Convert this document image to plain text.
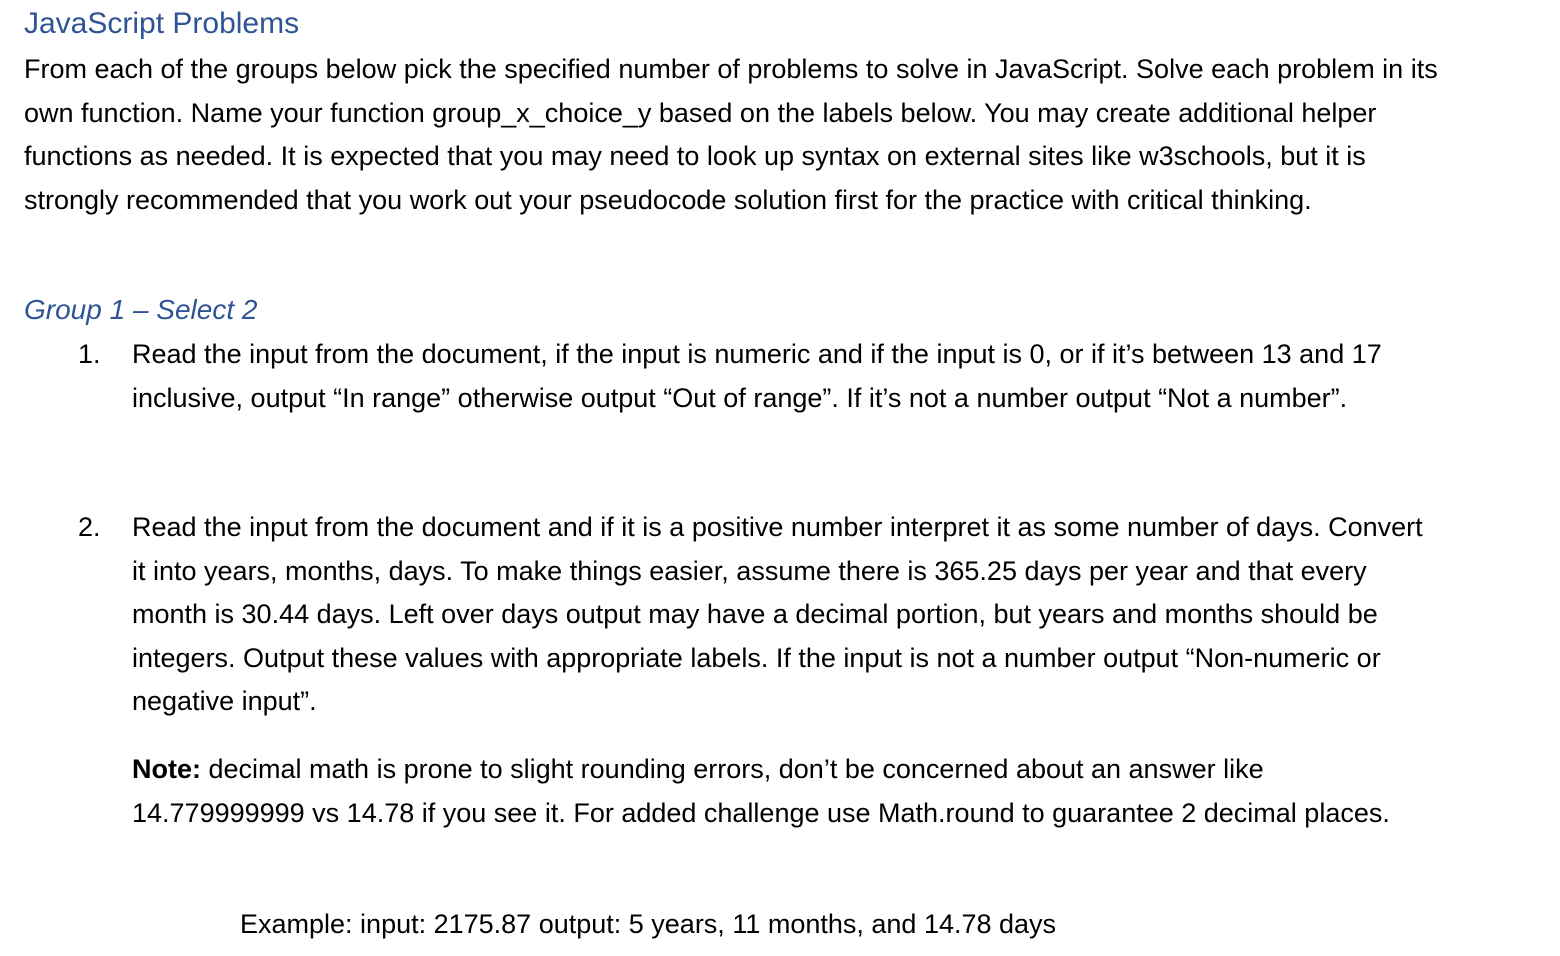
JavaScript Problems
From each of the groups below pick the specified number of problems to solve in JavaScript. Solve each problem in its own function. Name your function group_x_choice_y based on the labels below. You may create additional helper functions as needed. It is expected that you may need to look up syntax on external sites like w3schools, but it is strongly recommended that you work out your pseudocode solution first for the practice with critical thinking.
Group 1 – Select 2
1. Read the input from the document, if the input is numeric and if the input is 0, or if it’s between 13 and 17 inclusive, output “In range” otherwise output “Out of range”. If it’s not a number output “Not a number”.
2. Read the input from the document and if it is a positive number interpret it as some number of days. Convert it into years, months, days. To make things easier, assume there is 365.25 days per year and that every month is 30.44 days. Left over days output may have a decimal portion, but years and months should be integers. Output these values with appropriate labels. If the input is not a number output “Non-numeric or negative input”.
Note: decimal math is prone to slight rounding errors, don’t be concerned about an answer like 14.779999999 vs 14.78 if you see it. For added challenge use Math.round to guarantee 2 decimal places.
Example: input: 2175.87 output: 5 years, 11 months, and 14.78 days
